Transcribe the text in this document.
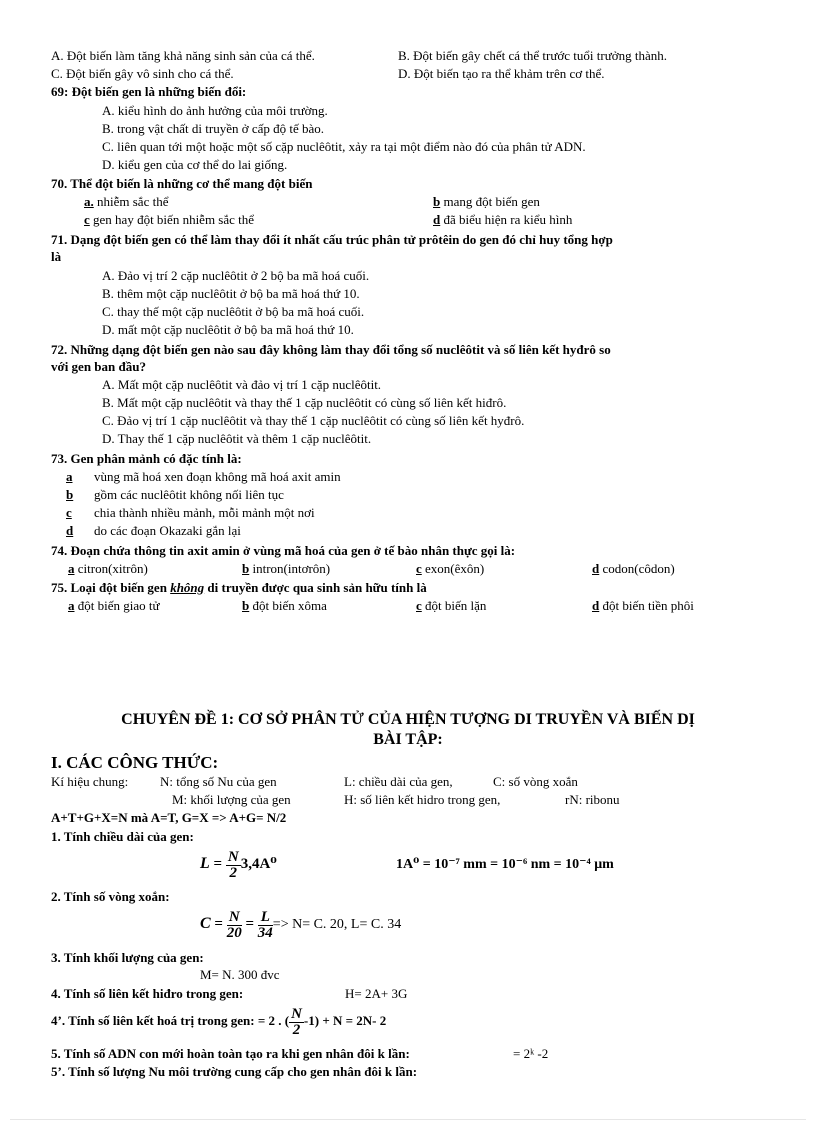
A. Đột biến làm tăng khả năng sinh sản của cá thể.	B. Đột biến gây chết cá thể trước tuổi trưởng thành.
C. Đột biến gây vô sinh cho cá thể.	D. Đột biến tạo ra thể khảm trên cơ thể.
69: Đột biến gen là những biến đổi:
A. kiểu hình do ảnh hưởng của môi trường.
B. trong vật chất di truyền ở cấp độ tế bào.
C. liên quan tới một hoặc một số cặp nuclêôtit, xảy ra tại một điểm nào đó của phân tử ADN.
D. kiểu gen của cơ thể do lai giống.
70. Thể đột biến là những cơ thể mang đột biến
a. nhiễm sắc thể	b mang đột biến gen
c gen hay đột biến nhiễm sắc thể	d đã biểu hiện ra kiểu hình
71. Dạng đột biến gen có thể làm thay đổi ít nhất cấu trúc phân tử prôtêin do gen đó chỉ huy tổng hợp
là
A. Đảo vị trí 2 cặp nuclêôtit ở 2 bộ ba mã hoá cuối.
B. thêm một cặp nuclêôtit ở bộ ba mã hoá thứ 10.
C. thay thế một cặp nuclêôtit ở bộ ba mã hoá cuối.
D. mất một cặp nuclêôtit ở bộ ba mã hoá thứ 10.
72. Những dạng đột biến gen nào sau đây không làm thay đổi tổng số nuclêôtit và số liên kết hyđrô so
với gen ban đầu?
A. Mất một cặp nuclêôtit và đảo vị trí 1 cặp nuclêôtit.
B. Mất một cặp nuclêôtit và thay thế 1 cặp nuclêôtit có cùng số liên kết hiđrô.
C. Đảo vị trí 1 cặp nuclêôtit và thay thế 1 cặp nuclêôtit có cùng số liên kết hyđrô.
D. Thay thế 1 cặp nuclêôtit và thêm 1 cặp nuclêôtit.
73. Gen phân mảnh có đặc tính là:
a vùng mã hoá xen đoạn không mã hoá axit amin
b gồm các nuclêôtit không nối liên tục
c chia thành nhiều mảnh, mỗi mảnh một nơi
d do các đoạn Okazaki gắn lại
74. Đoạn chứa thông tin axit amin ở vùng mã hoá của gen ở tế bào nhân thực gọi là:
a citron(xitrôn)	b intron(intơrôn)	c exon(êxôn)	d codon(côdon)
75. Loại đột biến gen không di truyền được qua sinh sản hữu tính là
a đột biến giao tử	b đột biến xôma	c đột biến lặn	d đột biến tiền phôi
CHUYÊN ĐỀ 1: CƠ SỞ PHÂN TỬ CỦA HIỆN TƯỢNG DI TRUYỀN VÀ BIẾN DỊ
BÀI TẬP:
I. CÁC CÔNG THỨC:
Kí hiệu chung: N: tổng số Nu của gen	L: chiều dài của gen,	C: số vòng xoắn
M: khối lượng của gen	H: số liên kết hidro trong gen,	rN: ribonu
A+T+G+X=N mà A=T, G=X => A+G= N/2
1. Tính chiều dài của gen:
$L = \frac{N}{2} 3,4A^0$	1A⁰ = 10⁻⁷ mm = 10⁻⁶ nm = 10⁻⁴ μm
2. Tính số vòng xoắn:
$C = \frac{N}{20} = \frac{L}{34} => N= C$. 20, L= C. 34
3. Tính khối lượng của gen:
M= N. 300 đvc
4. Tính số liên kết hiđro trong gen:	H= 2A+ 3G
4’. Tính số liên kết hoá trị trong gen: = 2 . ( $\frac{N}{2} -1) + N = 2N-$ 2
5. Tính số ADN con mới hoàn toàn tạo ra khi gen nhân đôi k lần:	= 2ᵏ -2
5’. Tính số lượng Nu môi trường cung cấp cho gen nhân đôi k lần:
